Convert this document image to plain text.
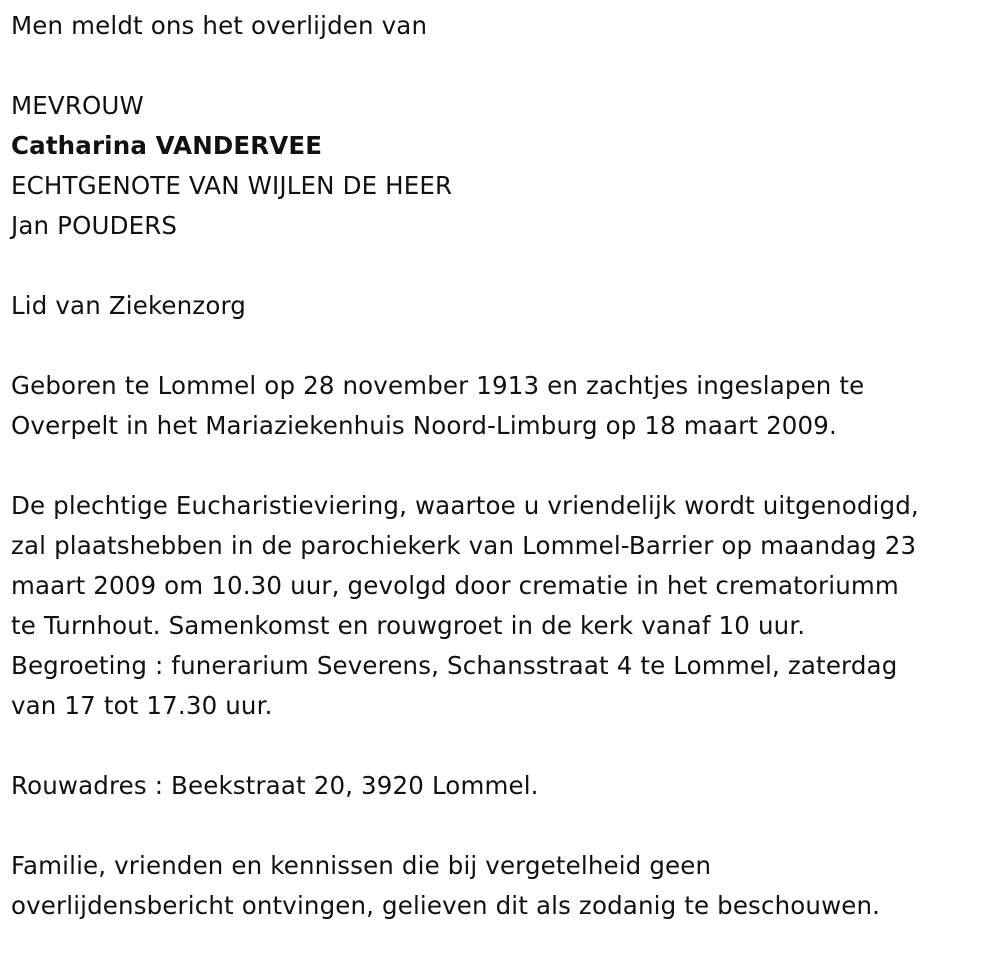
Men meldt ons het overlijden van
MEVROUW
Catharina VANDERVEE
ECHTGENOTE VAN WIJLEN DE HEER
Jan POUDERS
Lid van Ziekenzorg
Geboren te Lommel op 28 november 1913 en zachtjes ingeslapen te
Overpelt in het Mariaziekenhuis Noord-Limburg op 18 maart 2009.
De plechtige Eucharistieviering, waartoe u vriendelijk wordt uitgenodigd,
zal plaatshebben in de parochiekerk van Lommel-Barrier op maandag 23
maart 2009 om 10.30 uur, gevolgd door crematie in het crematoriumm
te Turnhout. Samenkomst en rouwgroet in de kerk vanaf 10 uur.
Begroeting : funerarium Severens, Schansstraat 4 te Lommel, zaterdag
van 17 tot 17.30 uur.
Rouwadres : Beekstraat 20, 3920 Lommel.
Familie, vrienden en kennissen die bij vergetelheid geen
overlijdensbericht ontvingen, gelieven dit als zodanig te beschouwen.
